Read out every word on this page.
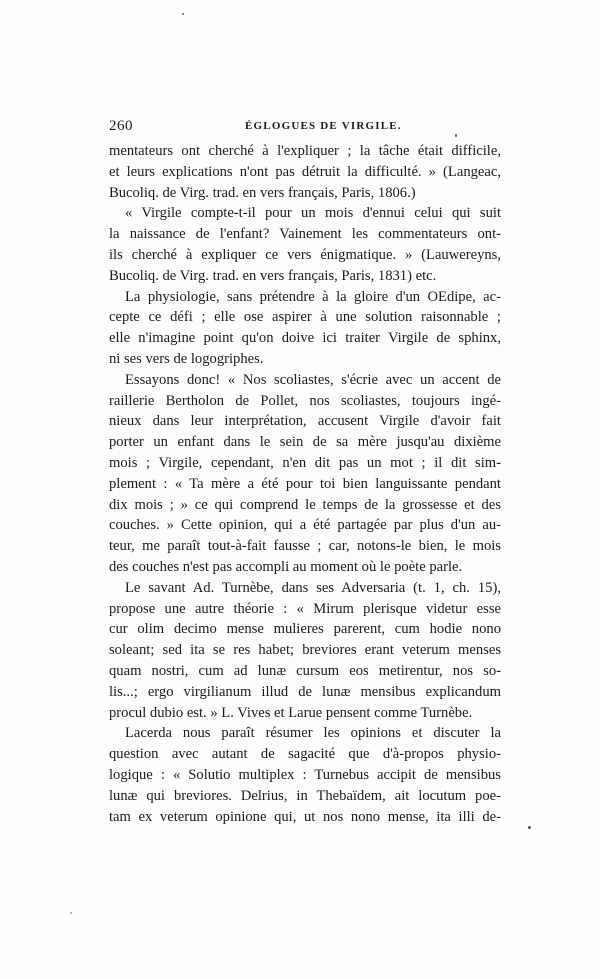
260	ÉGLOGUES DE VIRGILE.
mentateurs ont cherché à l'expliquer ; la tâche était difficile,
et leurs explications n'ont pas détruit la difficulté. » (Langeac,
Bucoliq. de Virg. trad. en vers français, Paris, 1806.)
« Virgile compte-t-il pour un mois d'ennui celui qui suit
la naissance de l'enfant? Vainement les commentateurs ont-
ils cherché à expliquer ce vers énigmatique. » (Lauwereyns,
Bucoliq. de Virg. trad. en vers français, Paris, 1831) etc.
La physiologie, sans prétendre à la gloire d'un OEdipe, ac-
cepte ce défi ; elle ose aspirer à une solution raisonnable ;
elle n'imagine point qu'on doive ici traiter Virgile de sphinx,
ni ses vers de logogriphes.
Essayons donc! « Nos scoliastes, s'écrie avec un accent de
raillerie Bertholon de Pollet, nos scoliastes, toujours ingé-
nieux dans leur interprétation, accusent Virgile d'avoir fait
porter un enfant dans le sein de sa mère jusqu'au dixième
mois ; Virgile, cependant, n'en dit pas un mot ; il dit sim-
plement : « Ta mère a été pour toi bien languissante pendant
dix mois ; » ce qui comprend le temps de la grossesse et des
couches. » Cette opinion, qui a été partagée par plus d'un au-
teur, me paraît tout-à-fait fausse ; car, notons-le bien, le mois
des couches n'est pas accompli au moment où le poète parle.
Le savant Ad. Turnèbe, dans ses Adversaria (t. 1, ch. 15),
propose une autre théorie : « Mirum plerisque videtur esse
cur olim decimo mense mulieres parerent, cum hodie nono
soleant; sed ita se res habet; breviores erant veterum menses
quam nostri, cum ad lunæ cursum eos metirentur, nos so-
lis...; ergo virgilianum illud de lunæ mensibus explicandum
procul dubio est. » L. Vives et Larue pensent comme Turnèbe.
Lacerda nous paraît résumer les opinions et discuter la
question avec autant de sagacité que d'à-propos physio-
logique : « Solutio multiplex : Turnebus accipit de mensibus
lunæ qui breviores. Delrius, in Thebaïdem, ait locutum poe-
tam ex veterum opinione qui, ut nos nono mense, ita illi de-
